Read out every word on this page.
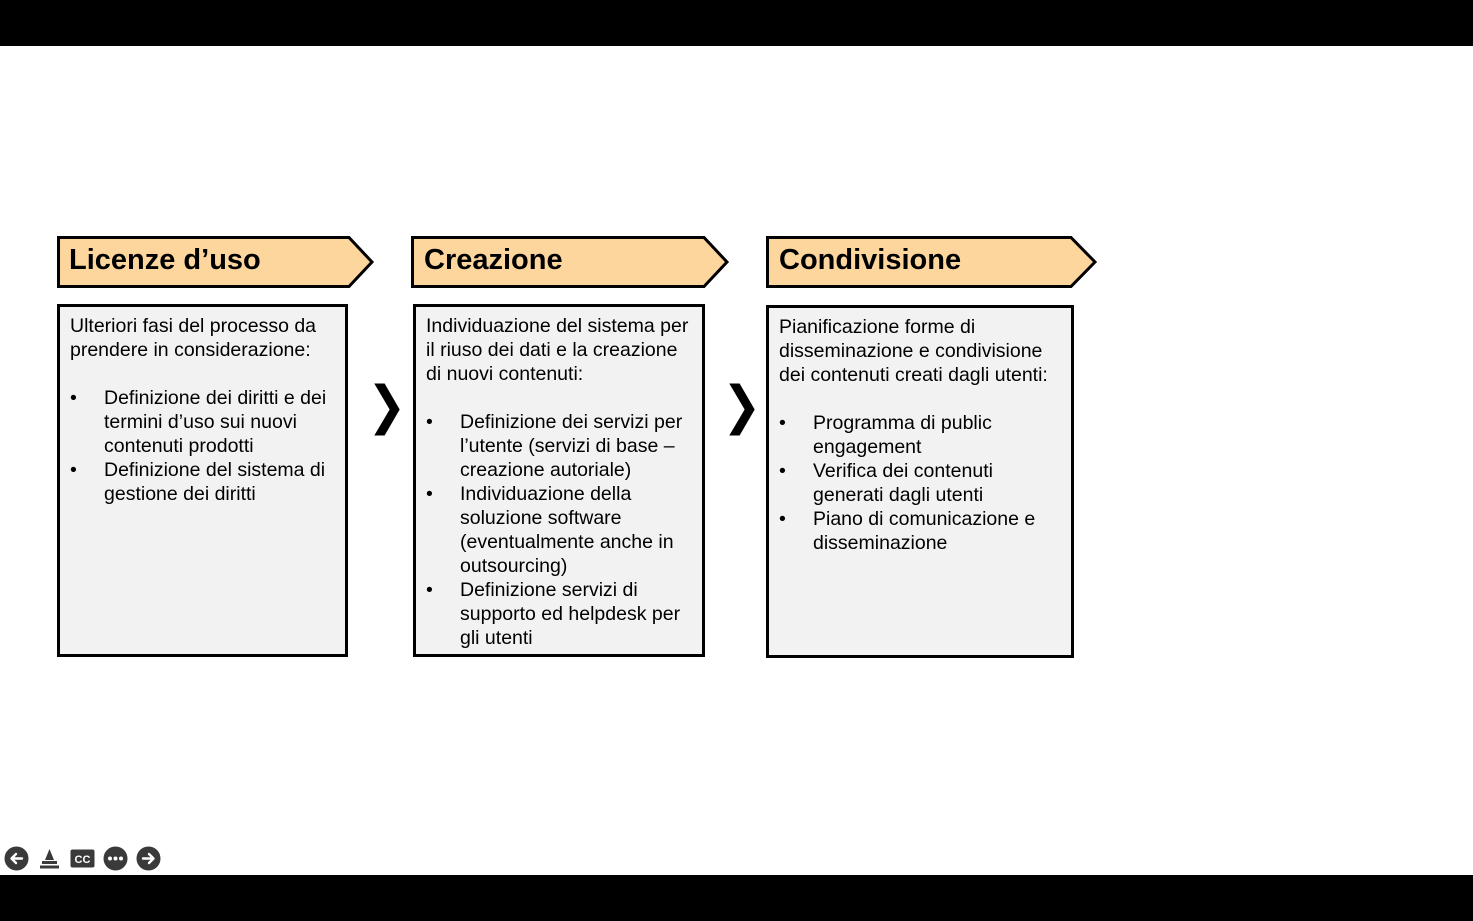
Licenze d’uso	Creazione	Condivisione

Ulteriori fasi del processo da prendere in considerazione:

• Definizione dei diritti e dei termini d’uso sui nuovi contenuti prodotti
• Definizione del sistema di gestione dei diritti
❯

Individuazione del sistema per il riuso dei dati e la creazione di nuovi contenuti:

• Definizione dei servizi per l’utente (servizi di base – creazione autoriale)
• Individuazione della soluzione software (eventualmente anche in outsourcing)
• Definizione servizi di supporto ed helpdesk per gli utenti
❯

Pianificazione forme di disseminazione e condivisione dei contenuti creati dagli utenti:

• Programma di public engagement
• Verifica dei contenuti generati dagli utenti
• Piano di comunicazione e disseminazione
CC
